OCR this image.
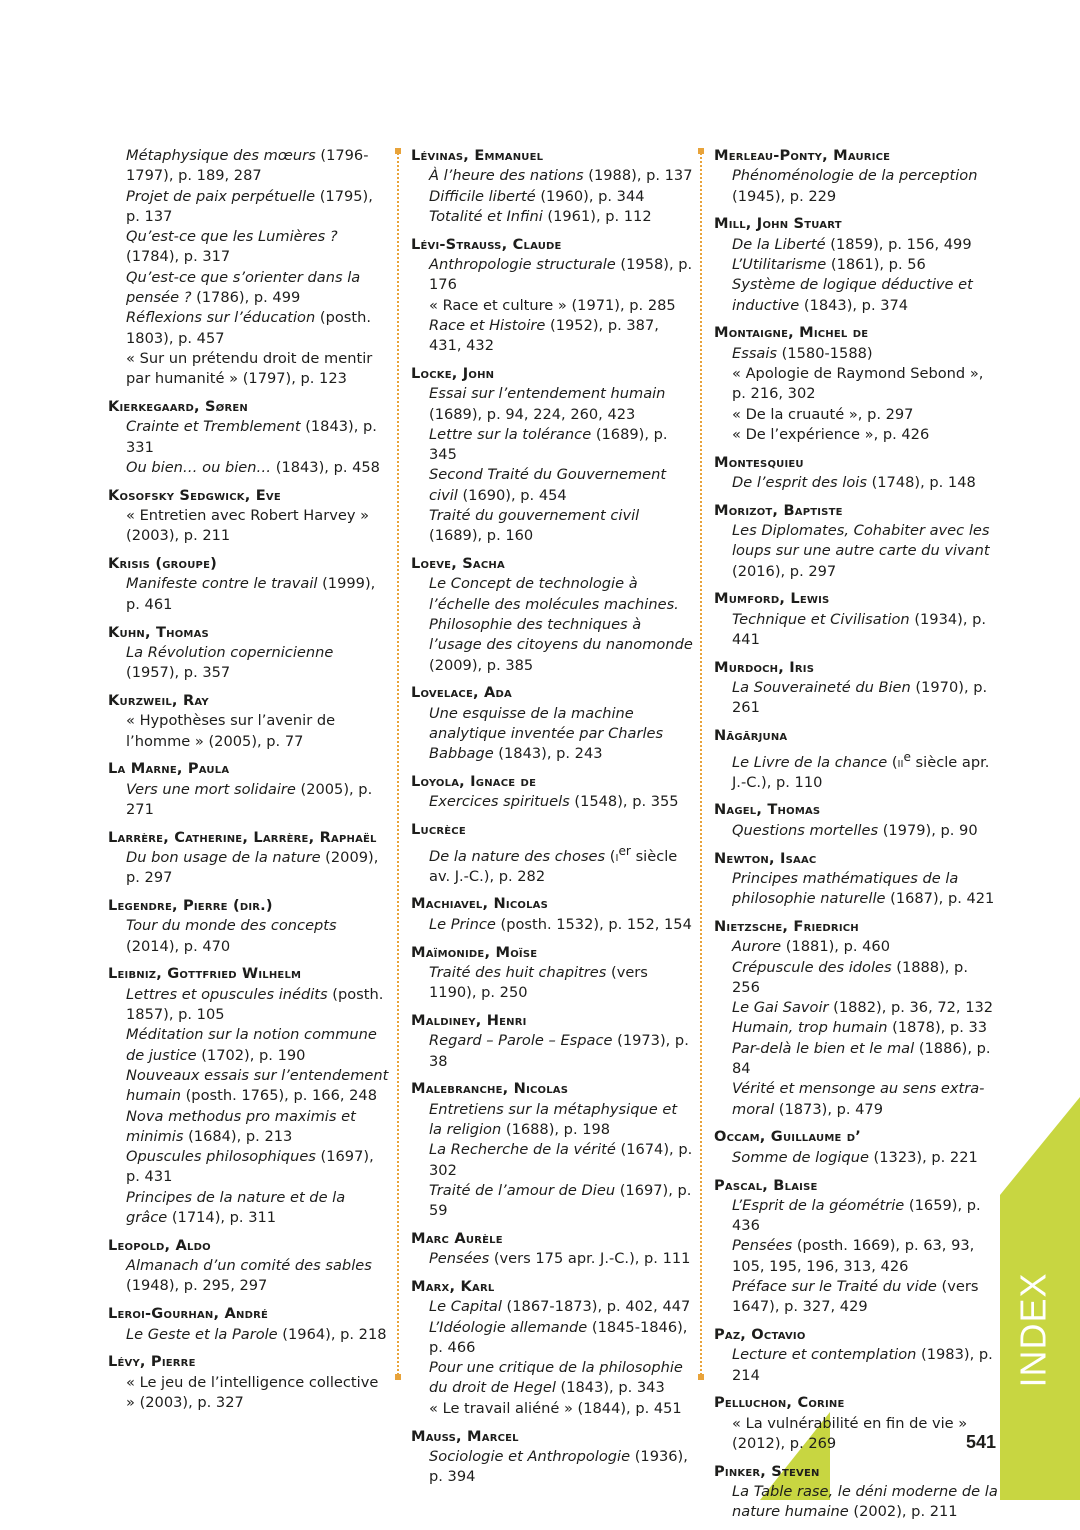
Métaphysique des mœurs (1796-1797), p. 189, 287
Projet de paix perpétuelle (1795), p. 137
Qu’est-ce que les Lumières ? (1784), p. 317
Qu’est-ce que s’orienter dans la pensée ? (1786), p. 499
Réflexions sur l’éducation (posth. 1803), p. 457
« Sur un prétendu droit de mentir par humanité » (1797), p. 123
Kierkegaard, Søren
Crainte et Tremblement (1843), p. 331
Ou bien… ou bien… (1843), p. 458
Kosofsky Sedgwick, Eve
« Entretien avec Robert Harvey » (2003), p. 211
Krisis (groupe)
Manifeste contre le travail (1999), p. 461
Kuhn, Thomas
La Révolution copernicienne (1957), p. 357
Kurzweil, Ray
« Hypothèses sur l’avenir de l’homme » (2005), p. 77
La Marne, Paula
Vers une mort solidaire (2005), p. 271
Larrère, Catherine, Larrère, Raphaël
Du bon usage de la nature (2009), p. 297
Legendre, Pierre (dir.)
Tour du monde des concepts (2014), p. 470
Leibniz, Gottfried Wilhelm
Lettres et opuscules inédits (posth. 1857), p. 105
Méditation sur la notion commune de justice (1702), p. 190
Nouveaux essais sur l’entendement humain (posth. 1765), p. 166, 248
Nova methodus pro maximis et minimis (1684), p. 213
Opuscules philosophiques (1697), p. 431
Principes de la nature et de la grâce (1714), p. 311
Leopold, Aldo
Almanach d’un comité des sables (1948), p. 295, 297
Leroi-Gourhan, André
Le Geste et la Parole (1964), p. 218
Lévy, Pierre
« Le jeu de l’intelligence collective » (2003), p. 327
Lévinas, Emmanuel
À l’heure des nations (1988), p. 137
Difficile liberté (1960), p. 344
Totalité et Infini (1961), p. 112
Lévi-Strauss, Claude
Anthropologie structurale (1958), p. 176
« Race et culture » (1971), p. 285
Race et Histoire (1952), p. 387, 431, 432
Locke, John
Essai sur l’entendement humain (1689), p. 94, 224, 260, 423
Lettre sur la tolérance (1689), p. 345
Second Traité du Gouvernement civil (1690), p. 454
Traité du gouvernement civil (1689), p. 160
Loeve, Sacha
Le Concept de technologie à l’échelle des molécules machines. Philosophie des techniques à l’usage des citoyens du nanomonde (2009), p. 385
Lovelace, Ada
Une esquisse de la machine analytique inventée par Charles Babbage (1843), p. 243
Loyola, Ignace de
Exercices spirituels (1548), p. 355
Lucrèce
De la nature des choses ($i^{er}$ siècle av. J.-C.), p. 282
Machiavel, Nicolas
Le Prince (posth. 1532), p. 152, 154
Maïmonide, Moïse
Traité des huit chapitres (vers 1190), p. 250
Maldiney, Henri
Regard – Parole – Espace (1973), p. 38
Malebranche, Nicolas
Entretiens sur la métaphysique et la religion (1688), p. 198
La Recherche de la vérité (1674), p. 302
Traité de l’amour de Dieu (1697), p. 59
Marc Aurèle
Pensées (vers 175 apr. J.-C.), p. 111
Marx, Karl
Le Capital (1867-1873), p. 402, 447
L’Idéologie allemande (1845-1846), p. 466
Pour une critique de la philosophie du droit de Hegel (1843), p. 343
« Le travail aliéné » (1844), p. 451
Mauss, Marcel
Sociologie et Anthropologie (1936), p. 394
Merleau-Ponty, Maurice
Phénoménologie de la perception (1945), p. 229
Mill, John Stuart
De la Liberté (1859), p. 156, 499
L’Utilitarisme (1861), p. 56
Système de logique déductive et inductive (1843), p. 374
Montaigne, Michel de
Essais (1580-1588)
« Apologie de Raymond Sebond », p. 216, 302
« De la cruauté », p. 297
« De l’expérience », p. 426
Montesquieu
De l’esprit des lois (1748), p. 148
Morizot, Baptiste
Les Diplomates, Cohabiter avec les loups sur une autre carte du vivant (2016), p. 297
Mumford, Lewis
Technique et Civilisation (1934), p. 441
Murdoch, Iris
La Souveraineté du Bien (1970), p. 261
Nāgārjuna
Le Livre de la chance ($ii^e$ siècle apr. J.-C.), p. 110
Nagel, Thomas
Questions mortelles (1979), p. 90
Newton, Isaac
Principes mathématiques de la philosophie naturelle (1687), p. 421
Nietzsche, Friedrich
Aurore (1881), p. 460
Crépuscule des idoles (1888), p. 256
Le Gai Savoir (1882), p. 36, 72, 132
Humain, trop humain (1878), p. 33
Par-delà le bien et le mal (1886), p. 84
Vérité et mensonge au sens extra-moral (1873), p. 479
Occam, Guillaume d’
Somme de logique (1323), p. 221
Pascal, Blaise
L’Esprit de la géométrie (1659), p. 436
Pensées (posth. 1669), p. 63, 93, 105, 195, 196, 313, 426
Préface sur le Traité du vide (vers 1647), p. 327, 429
Paz, Octavio
Lecture et contemplation (1983), p. 214
Pelluchon, Corine
« La vulnérabilité en fin de vie » (2012), p. 269
Pinker, Steven
La Table rase, le déni moderne de la nature humaine (2002), p. 211
INDEX
541
